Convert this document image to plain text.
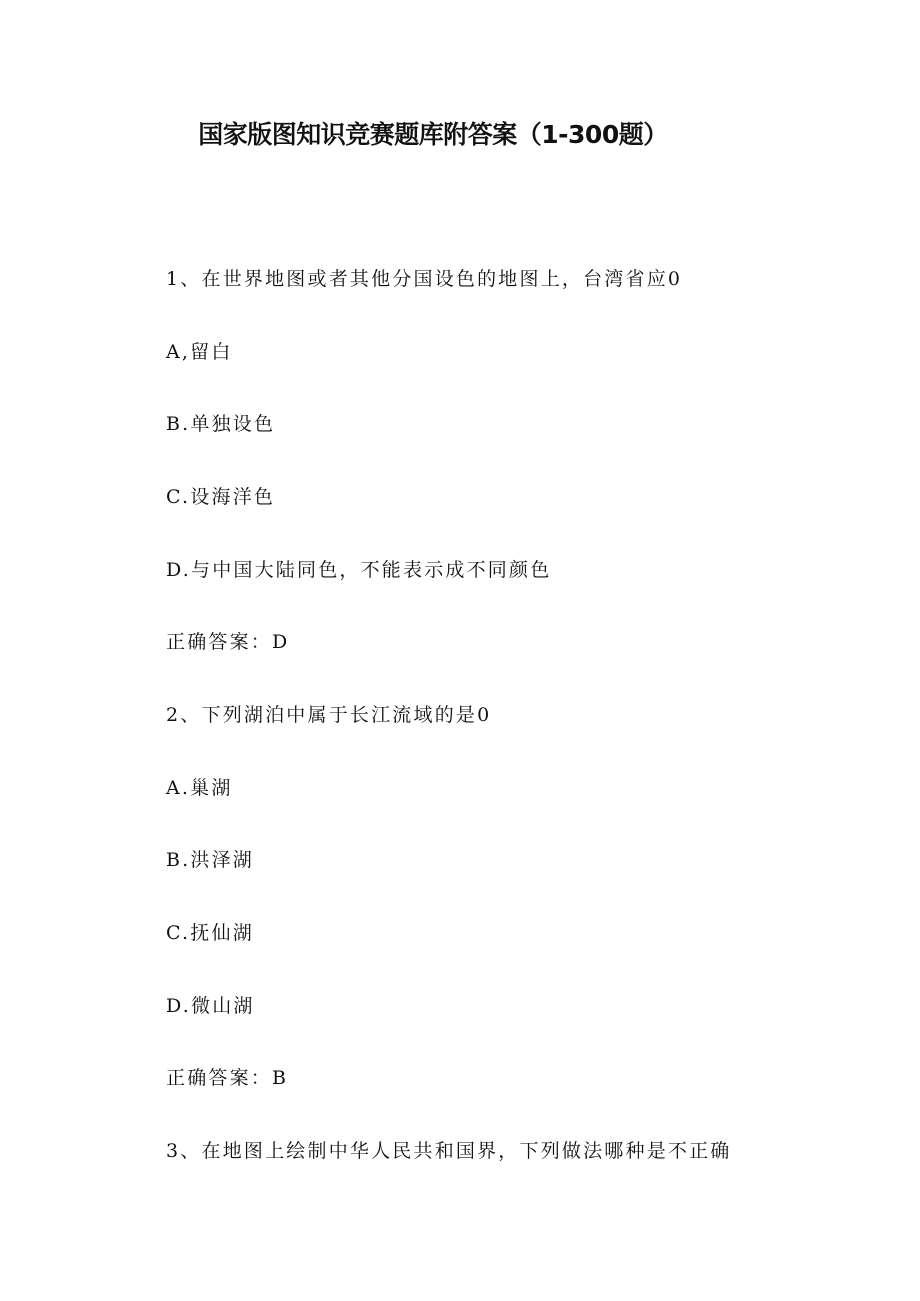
国家版图知识竞赛题库附答案（1-300题）
1、在世界地图或者其他分国设色的地图上，台湾省应0
A,留白
B.单独设色
C.设海洋色
D.与中国大陆同色，不能表示成不同颜色
正确答案：D
2、下列湖泊中属于长江流域的是0
A.巢湖
B.洪泽湖
C.抚仙湖
D.微山湖
正确答案：B
3、在地图上绘制中华人民共和国界，下列做法哪种是不正确
